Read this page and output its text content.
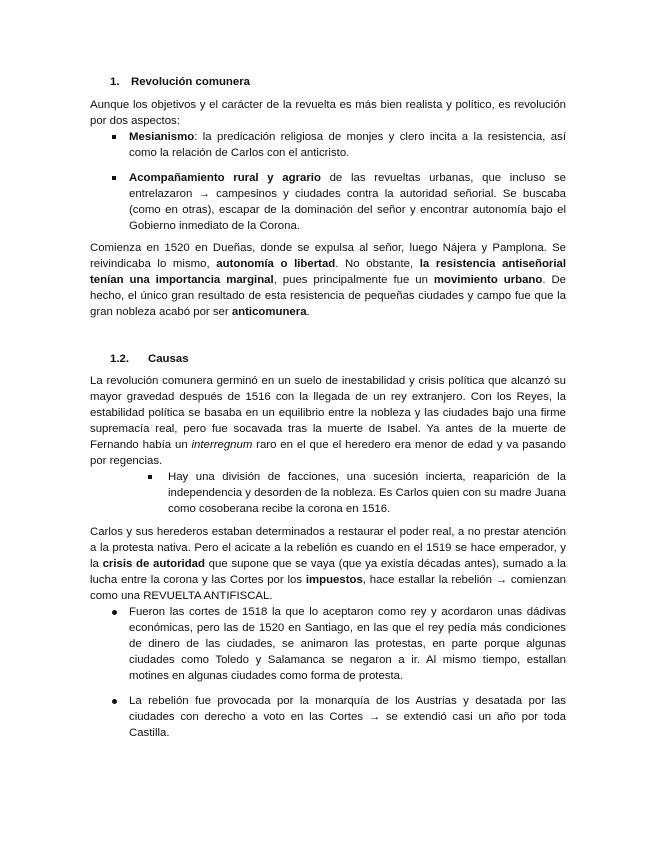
1.	Revolución comunera

Aunque los objetivos y el carácter de la revuelta es más bien realista y político, es revolución por dos aspectos:

Mesianismo: la predicación religiosa de monjes y clero incita a la resistencia, así como la relación de Carlos con el anticristo.
Acompañamiento rural y agrario de las revueltas urbanas, que incluso se entrelazaron → campesinos y ciudades contra la autoridad señorial. Se buscaba (como en otras), escapar de la dominación del señor y encontrar autonomía bajo el Gobierno inmediato de la Corona.

Comienza en 1520 en Dueñas, donde se expulsa al señor, luego Nájera y Pamplona. Se reivindicaba lo mismo, autonomía o libertad. No obstante, la resistencia antiseñorial tenían una importancia marginal, pues principalmente fue un movimiento urbano. De hecho, el único gran resultado de esta resistencia de pequeñas ciudades y campo fue que la gran nobleza acabó por ser anticomunera.

1.2.	Causas

La revolución comunera germinó en un suelo de inestabilidad y crisis política que alcanzó su mayor gravedad después de 1516 con la llegada de un rey extranjero. Con los Reyes, la estabilidad política se basaba en un equilibrio entre la nobleza y las ciudades bajo una firme supremacía real, pero fue socavada tras la muerte de Isabel. Ya antes de la muerte de Fernando había un interregnum raro en el que el heredero era menor de edad y va pasando por regencias.

Hay una división de facciones, una sucesión incierta, reaparición de la independencia y desorden de la nobleza. Es Carlos quien con su madre Juana como cosoberana recibe la corona en 1516.

Carlos y sus herederos estaban determinados a restaurar el poder real, a no prestar atención a la protesta nativa. Pero el acicate a la rebelión es cuando en el 1519 se hace emperador, y la crisis de autoridad que supone que se vaya (que ya existía décadas antes), sumado a la lucha entre la corona y las Cortes por los impuestos, hace estallar la rebelión → comienzan como una REVUELTA ANTIFISCAL.

Fueron las cortes de 1518 la que lo aceptaron como rey y acordaron unas dádivas económicas, pero las de 1520 en Santiago, en las que el rey pedía más condiciones de dinero de las ciudades, se animaron las protestas, en parte porque algunas ciudades como Toledo y Salamanca se negaron a ir. Al mismo tiempo, estallan motines en algunas ciudades como forma de protesta.
La rebelión fue provocada por la monarquía de los Austrias y desatada por las ciudades con derecho a voto en las Cortes → se extendió casi un año por toda Castilla.
